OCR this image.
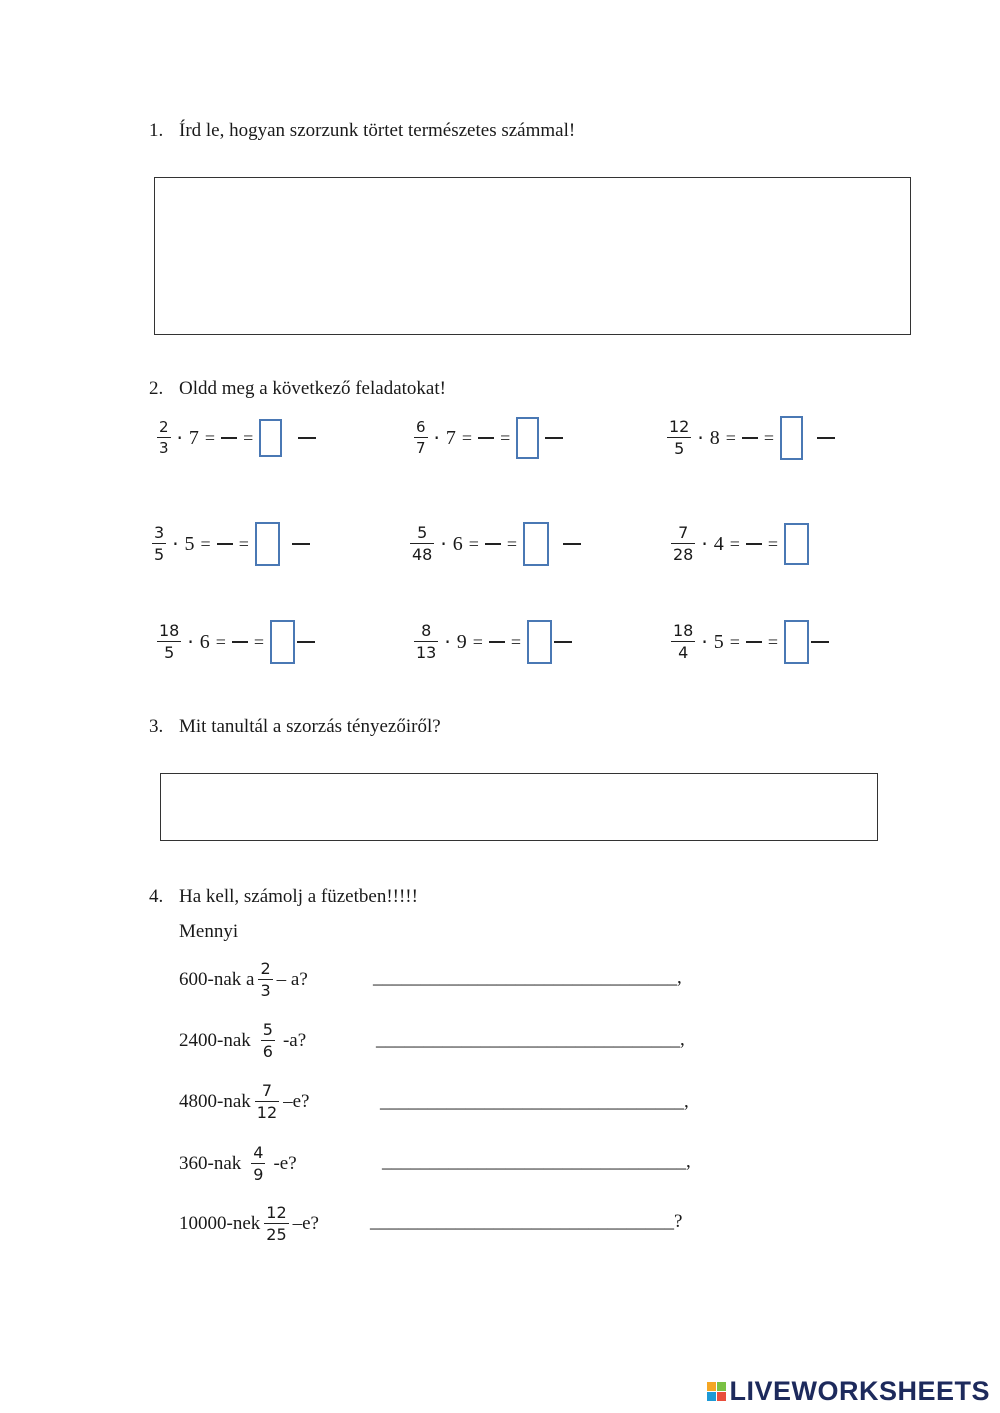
1. Írd le, hogyan szorzunk törtet természetes számmal!
2. Oldd meg a következő feladatokat!
$\frac{2}{3} \cdot 7$ = =	$\frac{6}{7} \cdot 7$ = =	$\frac{12}{5} \cdot 8$ = =
$\frac{3}{5} \cdot 5$ = =	$\frac{5}{48} \cdot 6$ = =	$\frac{7}{28} \cdot 4$ = =
$\frac{18}{5} \cdot 6$ = =	$\frac{8}{13} \cdot 9$ = =	$\frac{18}{4} \cdot 5$ = =
3. Mit tanultál a szorzás tényezőiről?
4. Ha kell, számolj a füzetben!!!!!
Mennyi
600-nak a $\frac{2}{3}$ – a?	________________________________,
$2400-nak \frac{5}{6} -a$?	________________________________,
$4800-nak \frac{7}{12} -e$?	________________________________,
$360-nak \frac{4}{9} -e$?	________________________________,
$10000-nek \frac{12}{25} -e$?	________________________________?
LIVEWORKSHEETS
